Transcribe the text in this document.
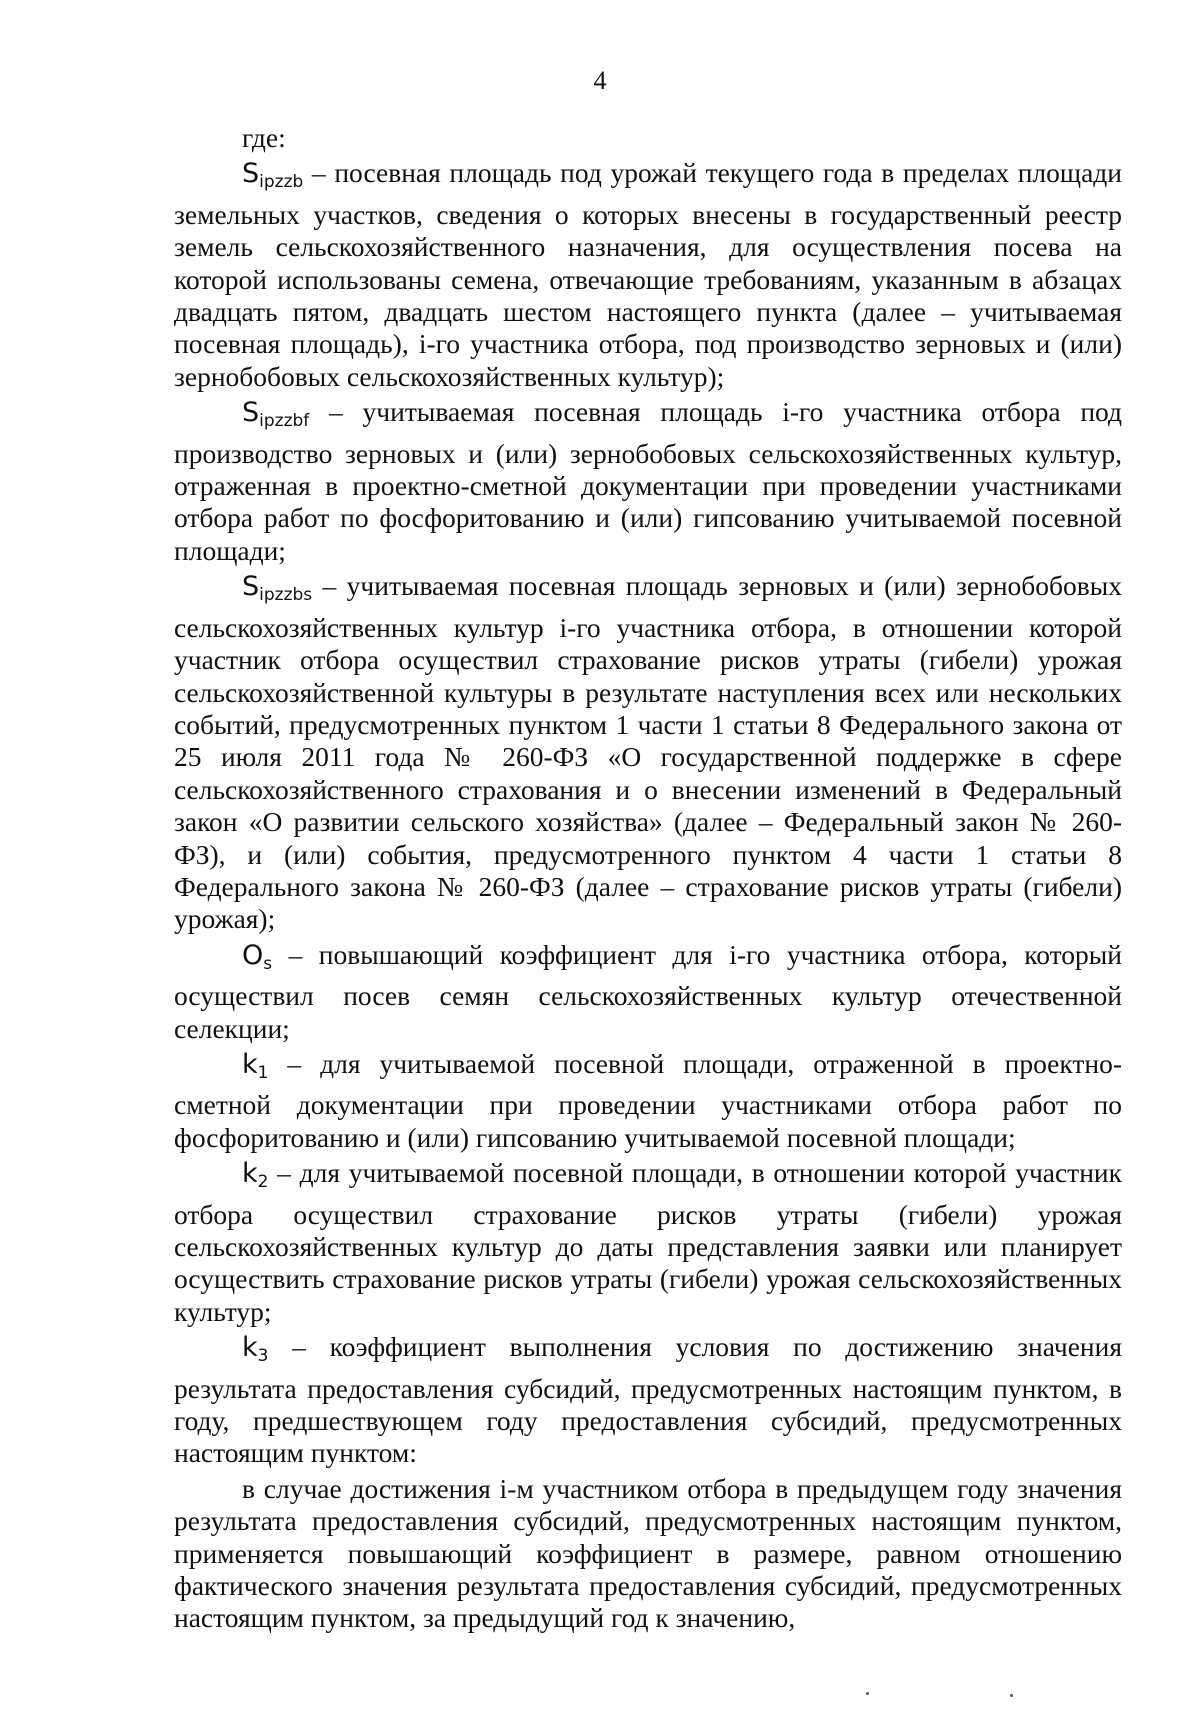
4

где:

$S_{ipzzb}$ – посевная площадь под урожай текущего года в пределах площади земельных участков, сведения о которых внесены в государственный реестр земель сельскохозяйственного назначения, для осуществления посева на которой использованы семена, отвечающие требованиям, указанным в абзацах двадцать пятом, двадцать шестом настоящего пункта (далее – учитываемая посевная площадь), i-го участника отбора, под производство зерновых и (или) зернобобовых сельскохозяйственных культур);

$S_{ipzzbf}$ – учитываемая посевная площадь i-го участника отбора под производство зерновых и (или) зернобобовых сельскохозяйственных культур, отраженная в проектно-сметной документации при проведении участниками отбора работ по фосфоритованию и (или) гипсованию учитываемой посевной площади;

$S_{ipzzbs}$ – учитываемая посевная площадь зерновых и (или) зернобобовых сельскохозяйственных культур i-го участника отбора, в отношении которой участник отбора осуществил страхование рисков утраты (гибели) урожая сельскохозяйственной культуры в результате наступления всех или нескольких событий, предусмотренных пунктом 1 части 1 статьи 8 Федерального закона от 25 июля 2011 года № 260-ФЗ «О государственной поддержке в сфере сельскохозяйственного страхования и о внесении изменений в Федеральный закон «О развитии сельского хозяйства» (далее – Федеральный закон № 260-ФЗ), и (или) события, предусмотренного пунктом 4 части 1 статьи 8 Федерального закона № 260-ФЗ (далее – страхование рисков утраты (гибели) урожая);

$O_s$ – повышающий коэффициент для i-го участника отбора, который осуществил посев семян сельскохозяйственных культур отечественной селекции;

$k_1$ – для учитываемой посевной площади, отраженной в проектно-сметной документации при проведении участниками отбора работ по фосфоритованию и (или) гипсованию учитываемой посевной площади;

$k_2$ – для учитываемой посевной площади, в отношении которой участник отбора осуществил страхование рисков утраты (гибели) урожая сельскохозяйственных культур до даты представления заявки или планирует осуществить страхование рисков утраты (гибели) урожая сельскохозяйственных культур;

$k_3$ – коэффициент выполнения условия по достижению значения результата предоставления субсидий, предусмотренных настоящим пунктом, в году, предшествующем году предоставления субсидий, предусмотренных настоящим пунктом:

в случае достижения i-м участником отбора в предыдущем году значения результата предоставления субсидий, предусмотренных настоящим пунктом, применяется повышающий коэффициент в размере, равном отношению фактического значения результата предоставления субсидий, предусмотренных настоящим пунктом, за предыдущий год к значению,
